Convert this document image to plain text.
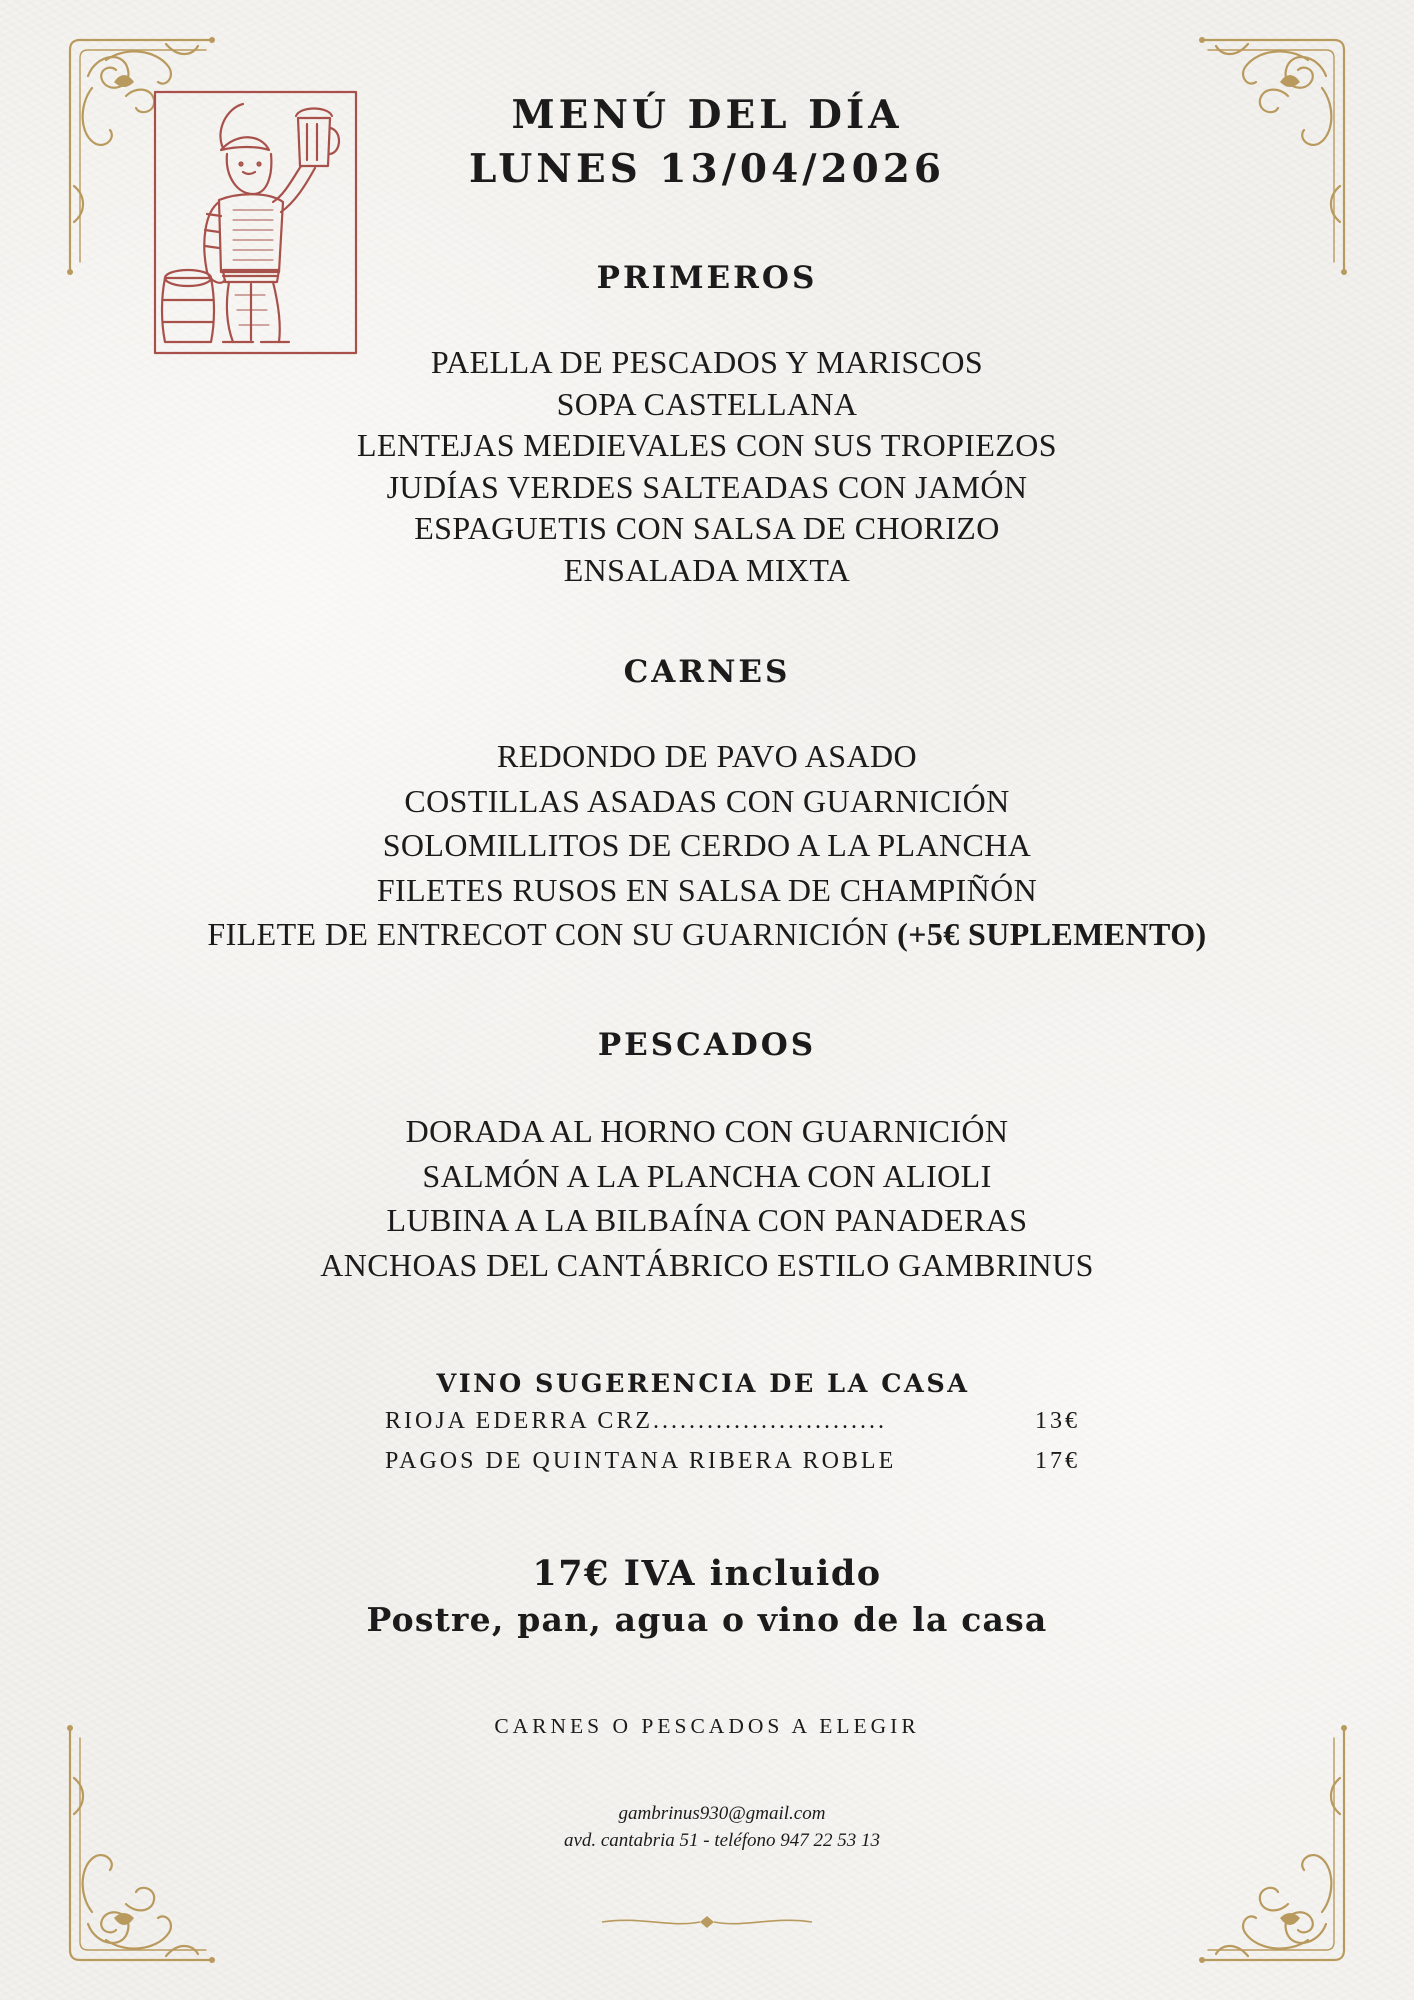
MENÚ DEL DÍA
LUNES 13/04/2026
PRIMEROS
PAELLA DE PESCADOS Y MARISCOS
SOPA CASTELLANA
LENTEJAS MEDIEVALES CON SUS TROPIEZOS
JUDÍAS VERDES SALTEADAS CON JAMÓN
ESPAGUETIS CON SALSA DE CHORIZO
ENSALADA MIXTA
CARNES
REDONDO DE PAVO ASADO
COSTILLAS ASADAS CON GUARNICIÓN
SOLOMILLITOS DE CERDO A LA PLANCHA
FILETES RUSOS EN SALSA DE CHAMPIÑÓN
FILETE DE ENTRECOT CON SU GUARNICIÓN (+5€ SUPLEMENTO)
PESCADOS
DORADA AL HORNO CON GUARNICIÓN
SALMÓN A LA PLANCHA CON ALIOLI
LUBINA A LA BILBAÍNA CON PANADERAS
ANCHOAS DEL CANTÁBRICO ESTILO GAMBRINUS
VINO SUGERENCIA DE LA CASA
RIOJA EDERRA CRZ..........................	13€
PAGOS DE QUINTANA RIBERA ROBLE	17€
17€ IVA incluido
Postre, pan, agua o vino de la casa
CARNES O PESCADOS A ELEGIR
gambrinus930@gmail.com
avd. cantabria 51 - teléfono 947 22 53 13
